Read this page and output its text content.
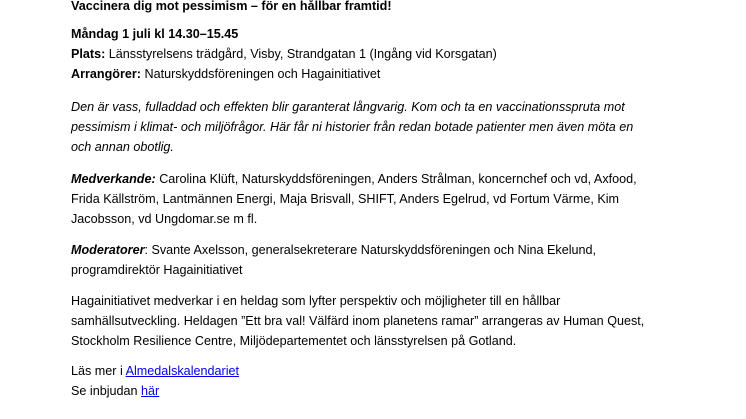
Vaccinera dig mot pessimism – för en hållbar framtid!
Måndag 1 juli kl 14.30–15.45
Plats: Länsstyrelsens trädgård, Visby, Strandgatan 1 (Ingång vid Korsgatan)
Arrangörer: Naturskyddsföreningen och Hagainitiativet
Den är vass, fulladdad och effekten blir garanterat långvarig. Kom och ta en vaccinationsspruta mot
pessimism i klimat- och miljöfrågor. Här får ni historier från redan botade patienter men även möta en
och annan obotlig.
Medverkande: Carolina Klüft, Naturskyddsföreningen, Anders Strålman, koncernchef och vd, Axfood,
Frida Källström, Lantmännen Energi, Maja Brisvall, SHIFT, Anders Egelrud, vd Fortum Värme, Kim
Jacobsson, vd Ungdomar.se m fl.
Moderatorer: Svante Axelsson, generalsekreterare Naturskyddsföreningen och Nina Ekelund,
programdirektör Hagainitiativet
Hagainitiativet medverkar i en heldag som lyfter perspektiv och möjligheter till en hållbar
samhällsutveckling. Heldagen ”Ett bra val! Välfärd inom planetens ramar” arrangeras av Human Quest,
Stockholm Resilience Centre, Miljödepartementet och länsstyrelsen på Gotland.
Läs mer i Almedalskalendariet
Se inbjudan här
